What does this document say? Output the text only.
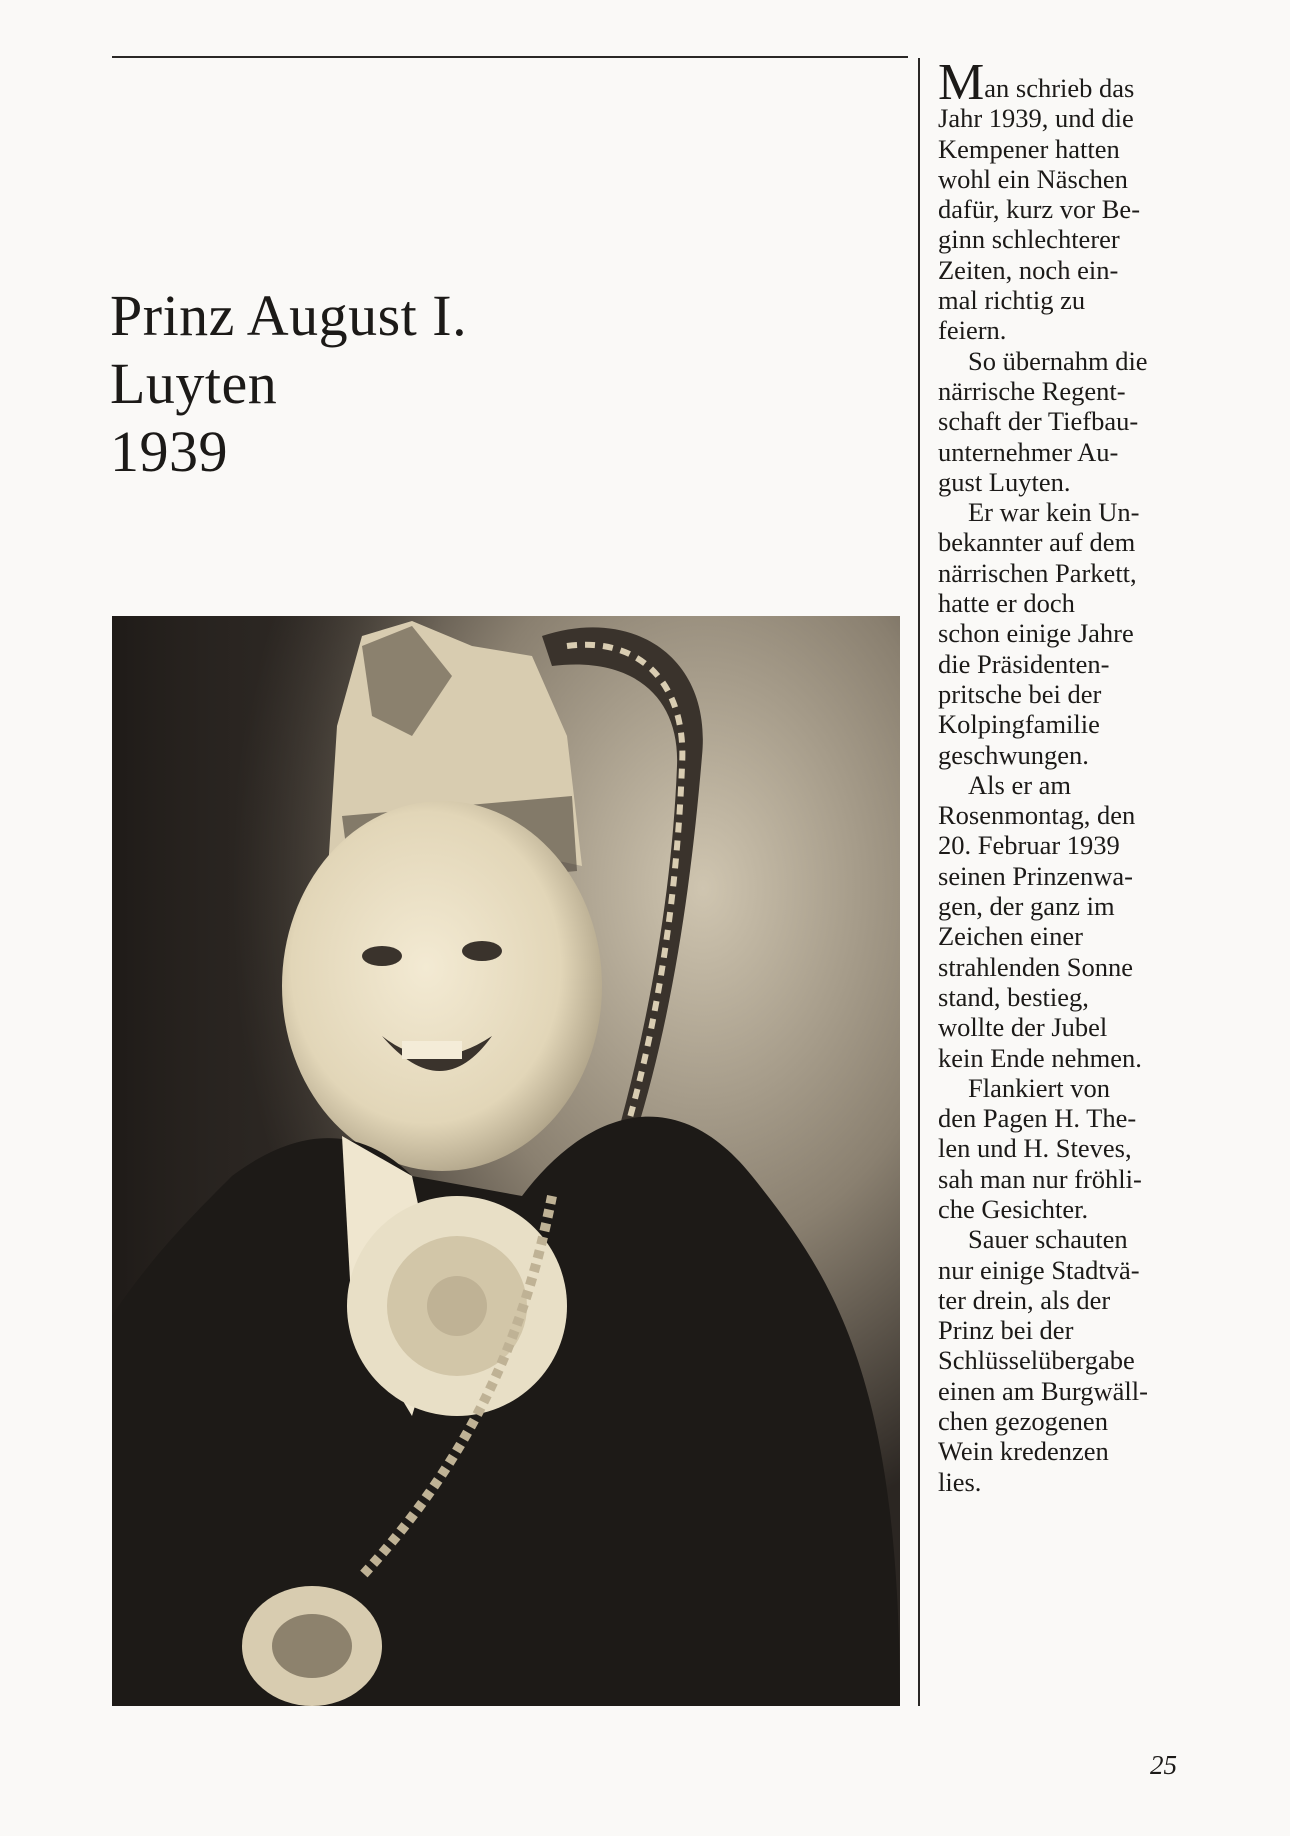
Prinz August I.
Luyten
1939

Man schrieb das
Jahr 1939, und die
Kempener hatten
wohl ein Näschen
dafür, kurz vor Be-
ginn schlechterer
Zeiten, noch ein-
mal richtig zu
feiern.

So übernahm die
närrische Regent-
schaft der Tiefbau-
unternehmer Au-
gust Luyten.

Er war kein Un-
bekannter auf dem
närrischen Parkett,
hatte er doch
schon einige Jahre
die Präsidenten-
pritsche bei der
Kolpingfamilie
geschwungen.

Als er am
Rosenmontag, den
20. Februar 1939
seinen Prinzenwa-
gen, der ganz im
Zeichen einer
strahlenden Sonne
stand, bestieg,
wollte der Jubel
kein Ende nehmen.

Flankiert von
den Pagen H. The-
len und H. Steves,
sah man nur fröhli-
che Gesichter.

Sauer schauten
nur einige Stadtvä-
ter drein, als der
Prinz bei der
Schlüsselübergabe
einen am Burgwäll-
chen gezogenen
Wein kredenzen
lies.

25
